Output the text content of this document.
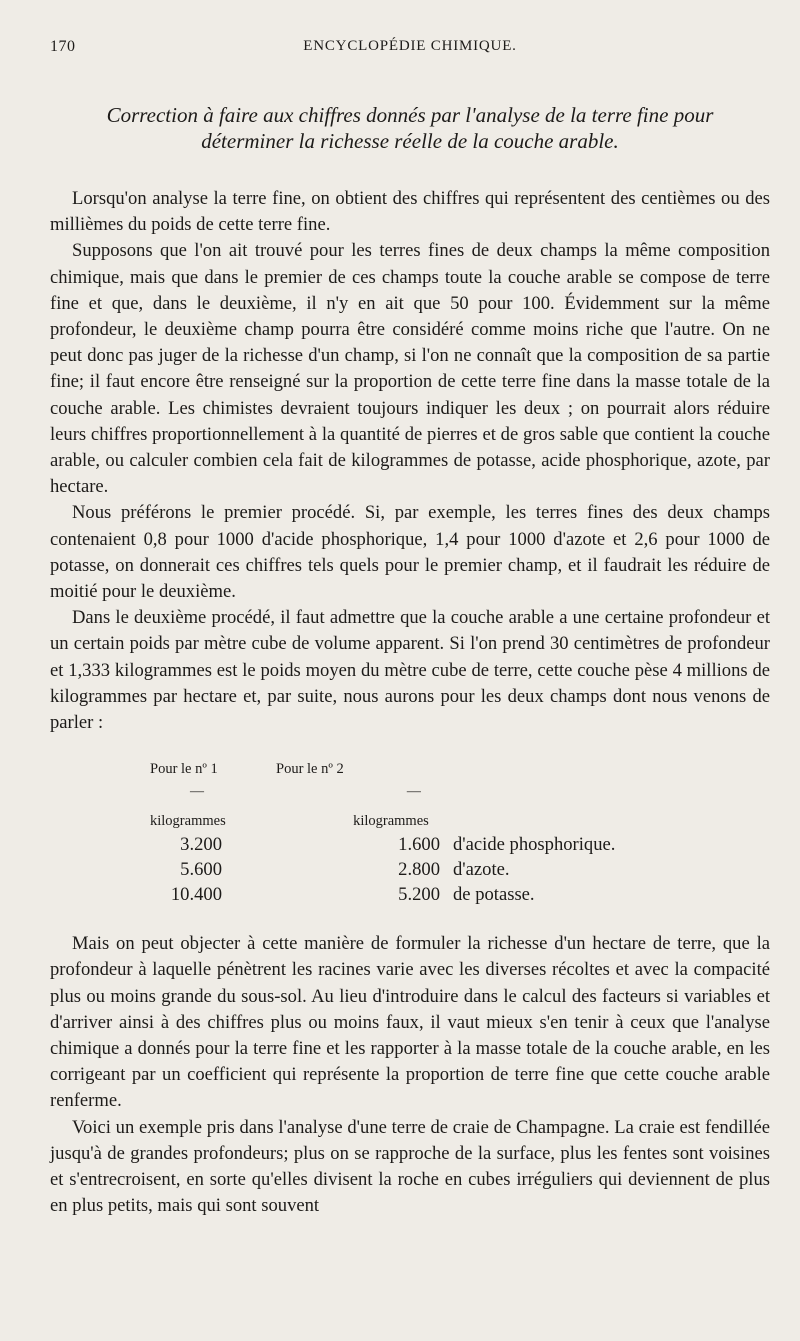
170	ENCYCLOPÉDIE CHIMIQUE.
Correction à faire aux chiffres donnés par l'analyse de la terre fine pour déterminer la richesse réelle de la couche arable.

Lorsqu'on analyse la terre fine, on obtient des chiffres qui représentent des centièmes ou des millièmes du poids de cette terre fine.

Supposons que l'on ait trouvé pour les terres fines de deux champs la même composition chimique, mais que dans le premier de ces champs toute la couche arable se compose de terre fine et que, dans le deuxième, il n'y en ait que 50 pour 100. Évidemment sur la même profondeur, le deuxième champ pourra être considéré comme moins riche que l'autre. On ne peut donc pas juger de la richesse d'un champ, si l'on ne connaît que la composition de sa partie fine; il faut encore être renseigné sur la proportion de cette terre fine dans la masse totale de la couche arable. Les chimistes devraient toujours indiquer les deux ; on pourrait alors réduire leurs chiffres proportionnellement à la quantité de pierres et de gros sable que contient la couche arable, ou calculer combien cela fait de kilogrammes de potasse, acide phosphorique, azote, par hectare.

Nous préférons le premier procédé. Si, par exemple, les terres fines des deux champs contenaient 0,8 pour 1000 d'acide phosphorique, 1,4 pour 1000 d'azote et 2,6 pour 1000 de potasse, on donnerait ces chiffres tels quels pour le premier champ, et il faudrait les réduire de moitié pour le deuxième.

Dans le deuxième procédé, il faut admettre que la couche arable a une certaine profondeur et un certain poids par mètre cube de volume apparent. Si l'on prend 30 centimètres de profondeur et 1,333 kilogrammes est le poids moyen du mètre cube de terre, cette couche pèse 4 millions de kilogrammes par hectare et, par suite, nous aurons pour les deux champs dont nous venons de parler :

Pour le nº 1	Pour le nº 2
—	—
kilogrammes	kilogrammes
3.200	1.600 d'acide phosphorique.
5.600	2.800 d'azote.
10.400	5.200 de potasse.

Mais on peut objecter à cette manière de formuler la richesse d'un hectare de terre, que la profondeur à laquelle pénètrent les racines varie avec les diverses récoltes et avec la compacité plus ou moins grande du sous-sol. Au lieu d'introduire dans le calcul des facteurs si variables et d'arriver ainsi à des chiffres plus ou moins faux, il vaut mieux s'en tenir à ceux que l'analyse chimique a donnés pour la terre fine et les rapporter à la masse totale de la couche arable, en les corrigeant par un coefficient qui représente la proportion de terre fine que cette couche arable renferme.

Voici un exemple pris dans l'analyse d'une terre de craie de Champagne. La craie est fendillée jusqu'à de grandes profondeurs; plus on se rapproche de la surface, plus les fentes sont voisines et s'entrecroisent, en sorte qu'elles divisent la roche en cubes irréguliers qui deviennent de plus en plus petits, mais qui sont souvent
